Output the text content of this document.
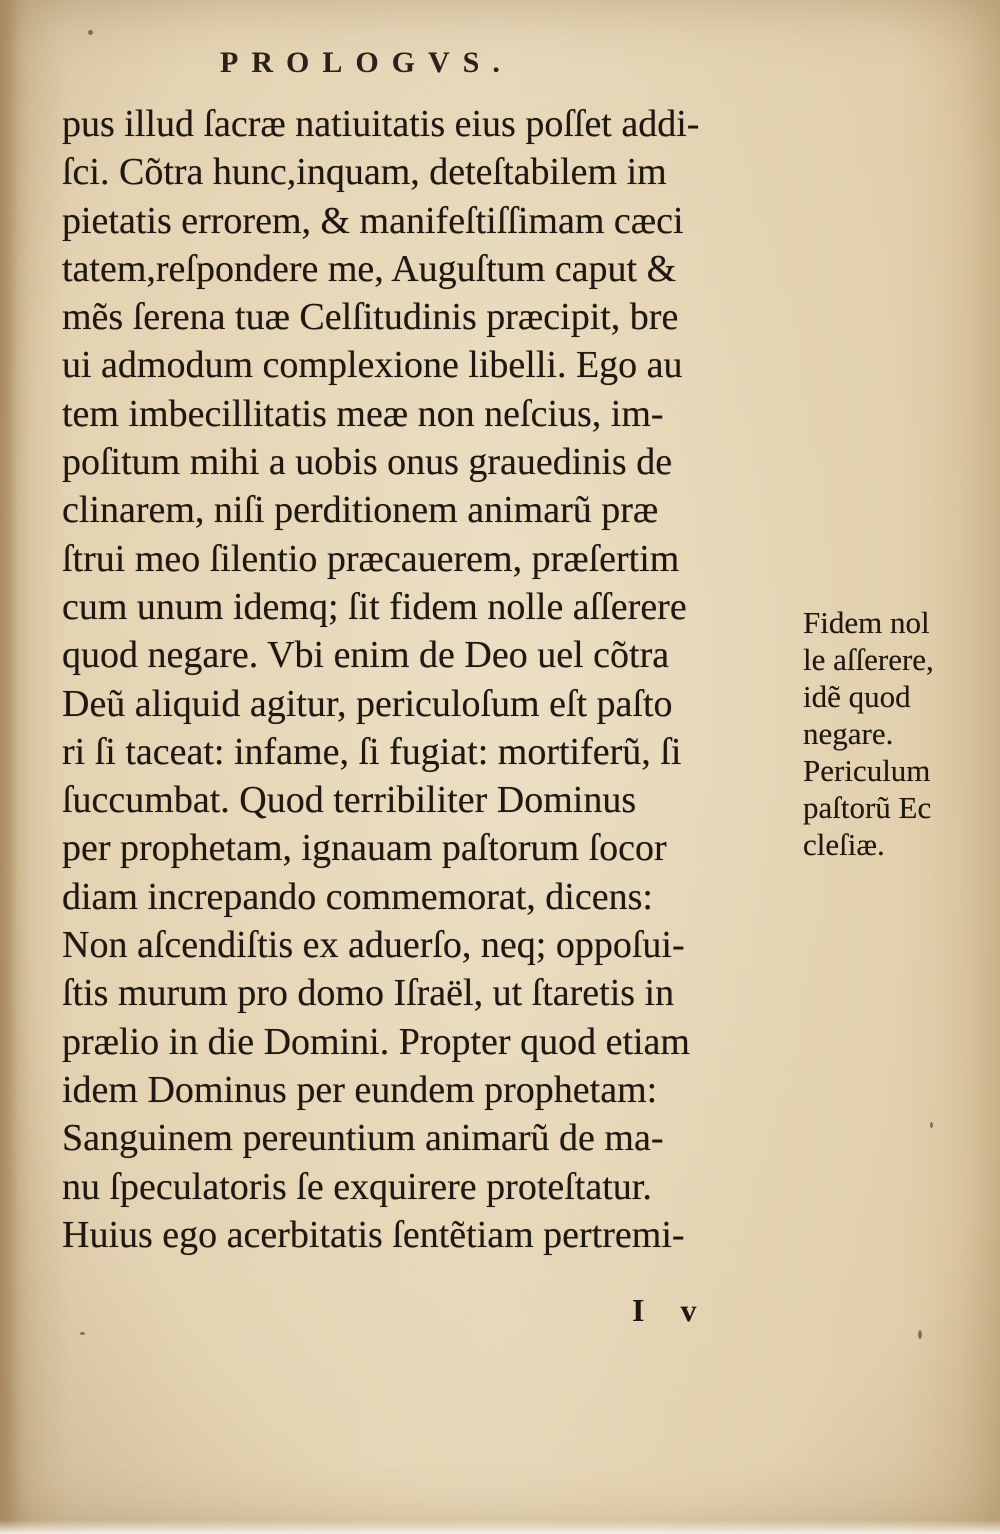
PROLOGVS.
pus illud ſacræ natiuitatis eius poſſet addi-
ſci. Cõtra hunc,inquam, deteſtabilem im
pietatis errorem, & manifeſtiſſimam cæci
tatem,reſpondere me, Auguſtum caput &
mẽs ſerena tuæ Celſitudinis præcipit, bre
ui admodum complexione libelli. Ego au
tem imbecillitatis meæ non neſcius, im-
poſitum mihi a uobis onus grauedinis de
clinarem, niſi perditionem animarũ præ
ſtrui meo ſilentio præcauerem, præſertim
cum unum idemq; ſit fidem nolle aſſerere
quod negare. Vbi enim de Deo uel cõtra
Deũ aliquid agitur, periculoſum eſt paſto
ri ſi taceat: infame, ſi fugiat: mortiferũ, ſi
ſuccumbat. Quod terribiliter Dominus
per prophetam, ignauam paſtorum ſocor
diam increpando commemorat, dicens:
Non aſcendiſtis ex aduerſo, neq; oppoſui-
ſtis murum pro domo Iſraël, ut ſtaretis in
prælio in die Domini. Propter quod etiam
idem Dominus per eundem prophetam:
Sanguinem pereuntium animarũ de ma-
nu ſpeculatoris ſe exquirere proteſtatur.
Huius ego acerbitatis ſentẽtiam pertremi-
Fidem nol
le aſſerere,
idẽ quod
negare.
Periculum
paſtorũ Ec
cleſiæ.
I v
